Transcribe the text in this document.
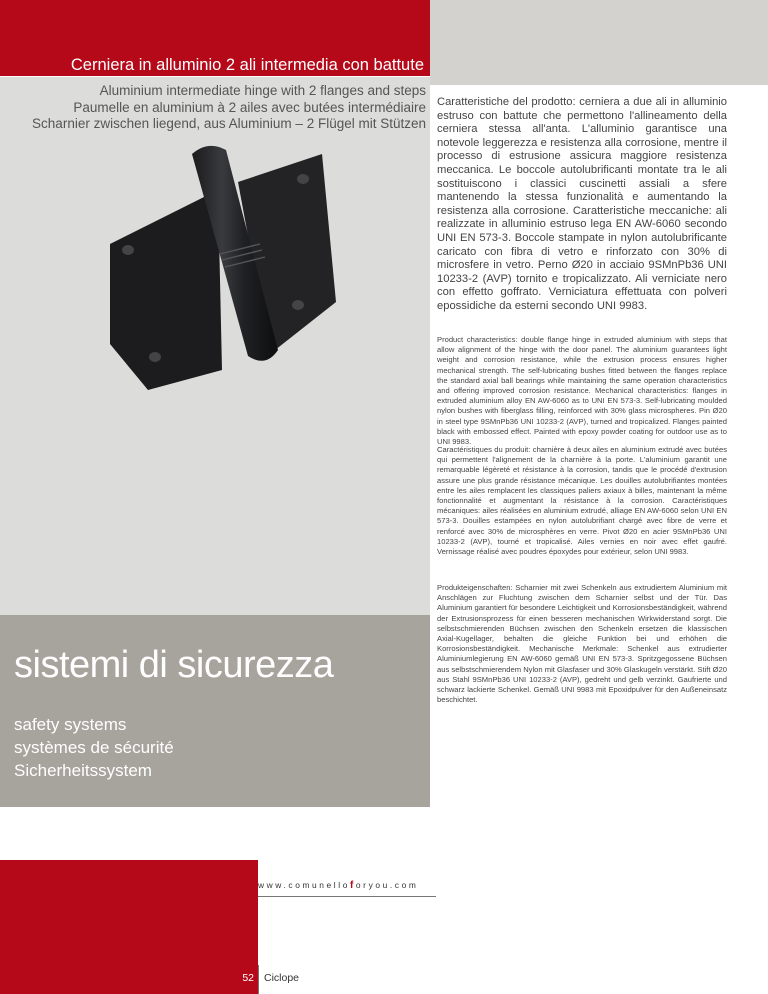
Aluminium intermediate hinge with 2 flanges and steps
Paumelle en aluminium à 2 ailes avec butées intermédiaire
Scharnier zwischen liegend, aus Aluminium – 2 Flügel mit Stützen
Cerniera in alluminio 2 ali intermedia con battute
sistemi di sicurezza
safety systems
systèmes de sécurité
Sicherheitssystem
Caratteristiche del prodotto: cerniera a due ali in alluminio estruso con battute che permettono l'allineamento della cerniera stessa all'anta. L'alluminio garantisce una notevole leggerezza e resistenza alla corrosione, mentre il processo di estrusione assicura maggiore resistenza meccanica. Le boccole autolubrificanti montate tra le ali sostituiscono i classici cuscinetti assiali a sfere mantenendo la stessa funzionalità e aumentando la resistenza alla corrosione. Caratteristiche meccaniche: ali realizzate in alluminio estruso lega EN AW-6060 secondo UNI EN 573-3. Boccole stampate in nylon autolubrificante caricato con fibra di vetro e rinforzato con 30% di microsfere in vetro. Perno Ø20 in acciaio 9SMnPb36 UNI 10233-2 (AVP) tornito e tropicalizzato. Ali verniciate nero con effetto goffrato. Verniciatura effettuata con polveri epossidiche da esterni secondo UNI 9983.
Product characteristics: double flange hinge in extruded aluminium with steps that allow alignment of the hinge with the door panel. The aluminium guarantees light weight and corrosion resistance, while the extrusion process ensures higher mechanical strength. The self-lubricating bushes fitted between the flanges replace the standard axial ball bearings while maintaining the same operation characteristics and offering improved corrosion resistance. Mechanical characteristics: flanges in extruded aluminium alloy EN AW-6060 as to UNI EN 573-3. Self-lubricating moulded nylon bushes with fiberglass filling, reinforced with 30% glass microspheres. Pin Ø20 in steel type 9SMnPb36 UNI 10233-2 (AVP), turned and tropicalized. Flanges painted black with embossed effect. Painted with epoxy powder coating for outdoor use as to UNI 9983.
Caractéristiques du produit: charnière à deux ailes en aluminium extrudé avec butées qui permettent l'alignement de la charnière à la porte. L'aluminium garantit une remarquable légèreté et résistance à la corrosion, tandis que le procédé d'extrusion assure une plus grande résistance mécanique. Les douilles autolubrifiantes montées entre les ailes remplacent les classiques paliers axiaux à billes, maintenant la même fonctionnalité et augmentant la résistance à la corrosion. Caractéristiques mécaniques: ailes réalisées en aluminium extrudé, alliage EN AW-6060 selon UNI EN 573-3. Douilles estampées en nylon autolubrifiant chargé avec fibre de verre et renforcé avec 30% de microsphères en verre. Pivot Ø20 en acier 9SMnPb36 UNI 10233-2 (AVP), tourné et tropicalisé. Ailes vernies en noir avec effet gaufré. Vernissage réalisé avec poudres époxydes pour extérieur, selon UNI 9983.
Produkteigenschaften: Scharnier mit zwei Schenkeln aus extrudiertem Aluminium mit Anschlägen zur Fluchtung zwischen dem Scharnier selbst und der Tür. Das Aluminium garantiert für besondere Leichtigkeit und Korrosionsbeständigkeit, während der Extrusionsprozess für einen besseren mechanischen Wirkwiderstand sorgt. Die selbstschmierenden Büchsen zwischen den Schenkeln ersetzen die klassischen Axial-Kugellager, behalten die gleiche Funktion bei und erhöhen die Korrosionsbeständigkeit. Mechanische Merkmale: Schenkel aus extrudierter Aluminiumlegierung EN AW-6060 gemäß UNI EN 573-3. Spritzgegossene Büchsen aus selbstschmierendem Nylon mit Glasfaser und 30% Glaskugeln verstärkt. Stift Ø20 aus Stahl 9SMnPb36 UNI 10233-2 (AVP), gedreht und gelb verzinkt. Gaufrierte und schwarz lackierte Schenkel. Gemäß UNI 9983 mit Epoxidpulver für den Außeneinsatz beschichtet.
www.comunelloforyou.com
52 Ciclope
